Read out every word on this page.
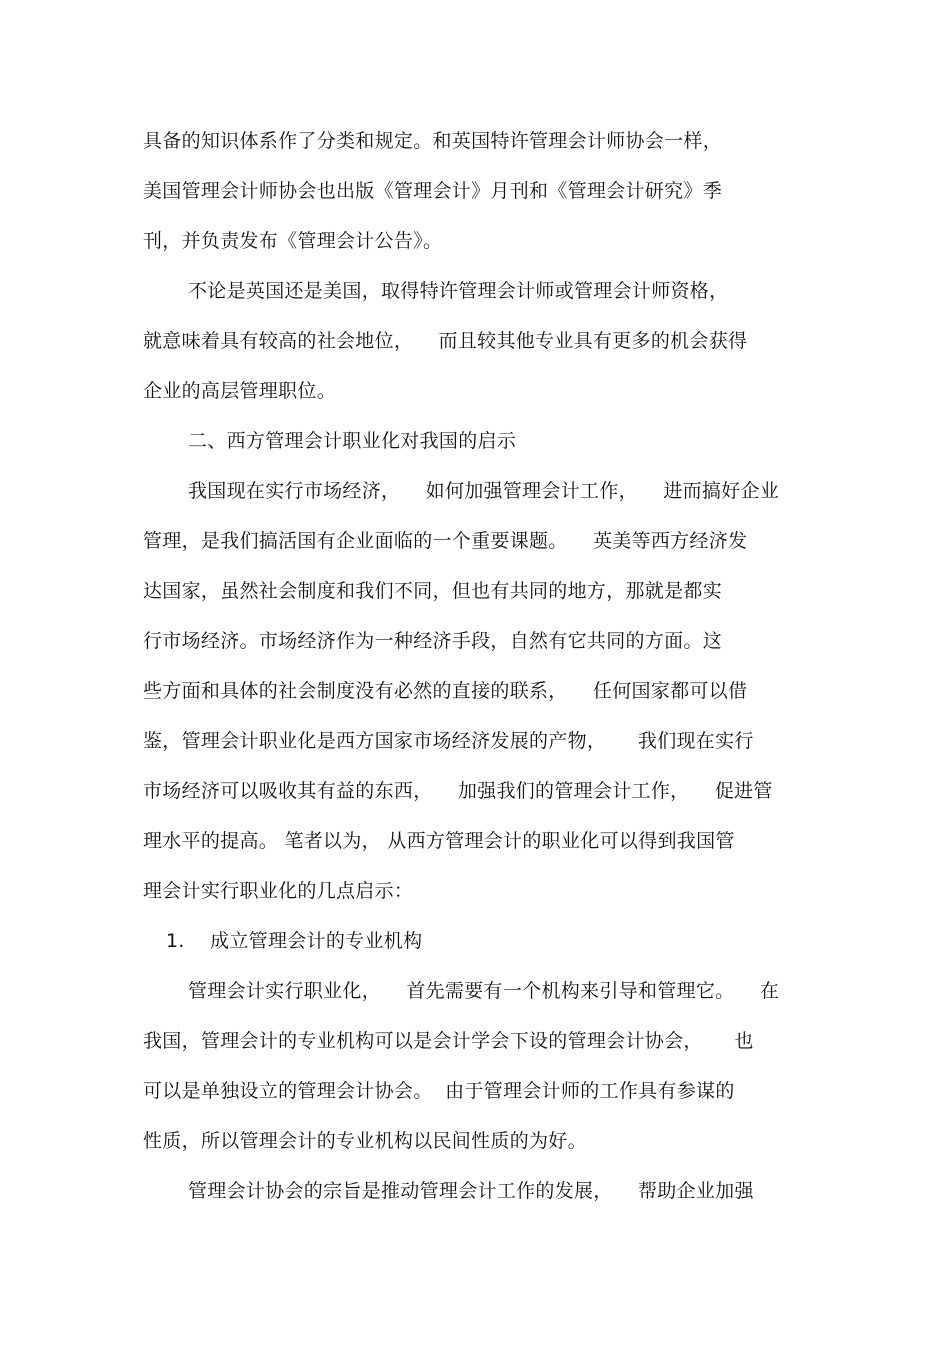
具备的知识体系作了分类和规定。和英国特许管理会计师协会一样，
美国管理会计师协会也出版《管理会计》月刊和《管理会计研究》季
刊，并负责发布《管理会计公告》。
不论是英国还是美国，取得特许管理会计师或管理会计师资格，
就意味着具有较高的社会地位，    而且较其他专业具有更多的机会获得
企业的高层管理职位。
二、西方管理会计职业化对我国的启示
我国现在实行市场经济，    如何加强管理会计工作，    进而搞好企业
管理，是我们搞活国有企业面临的一个重要课题。    英美等西方经济发
达国家，虽然社会制度和我们不同，但也有共同的地方，那就是都实
行市场经济。市场经济作为一种经济手段，自然有它共同的方面。这
些方面和具体的社会制度没有必然的直接的联系，    任何国家都可以借
鉴，管理会计职业化是西方国家市场经济发展的产物，     我们现在实行
市场经济可以吸收其有益的东西，    加强我们的管理会计工作，    促进管
理水平的提高。 笔者以为， 从西方管理会计的职业化可以得到我国管
理会计实行职业化的几点启示：
1.    成立管理会计的专业机构
管理会计实行职业化，    首先需要有一个机构来引导和管理它。    在
我国，管理会计的专业机构可以是会计学会下设的管理会计协会，     也
可以是单独设立的管理会计协会。  由于管理会计师的工作具有参谋的
性质，所以管理会计的专业机构以民间性质的为好。
管理会计协会的宗旨是推动管理会计工作的发展，    帮助企业加强
